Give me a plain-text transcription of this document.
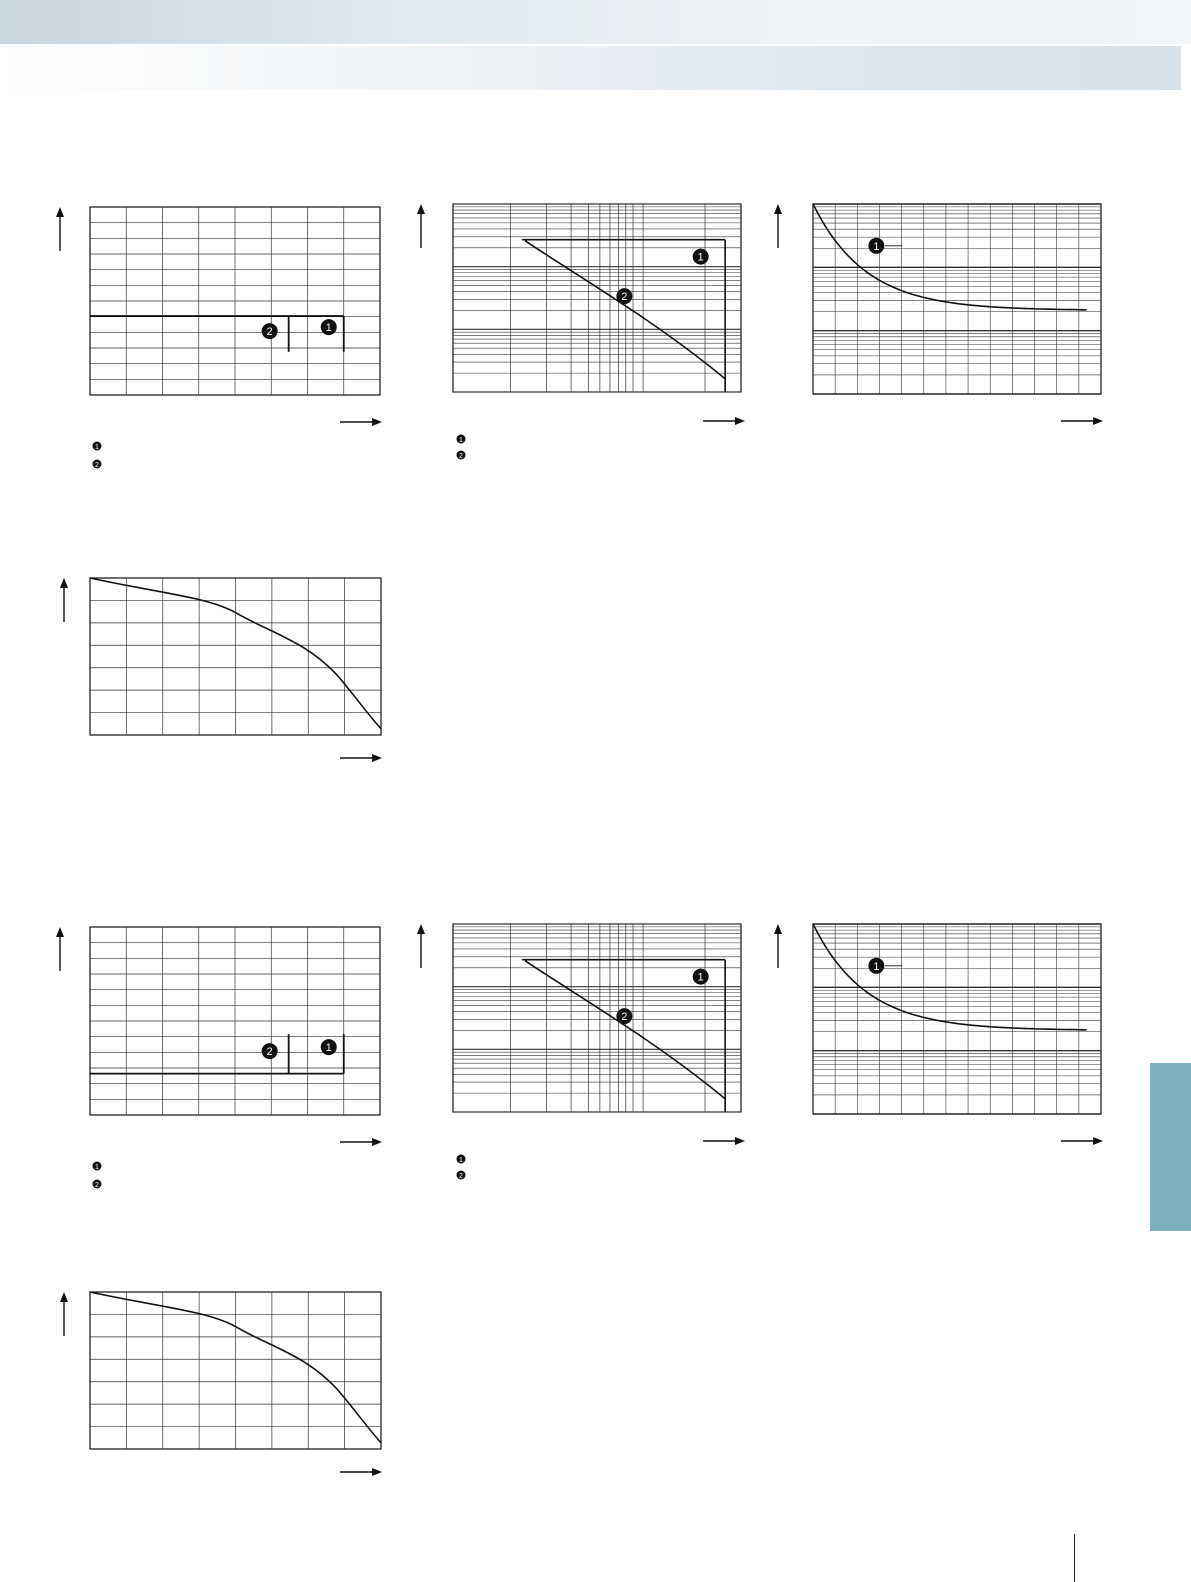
2	1
1
2
1
2
1
2
1
2	1
1
2
1
2
1
2
1
